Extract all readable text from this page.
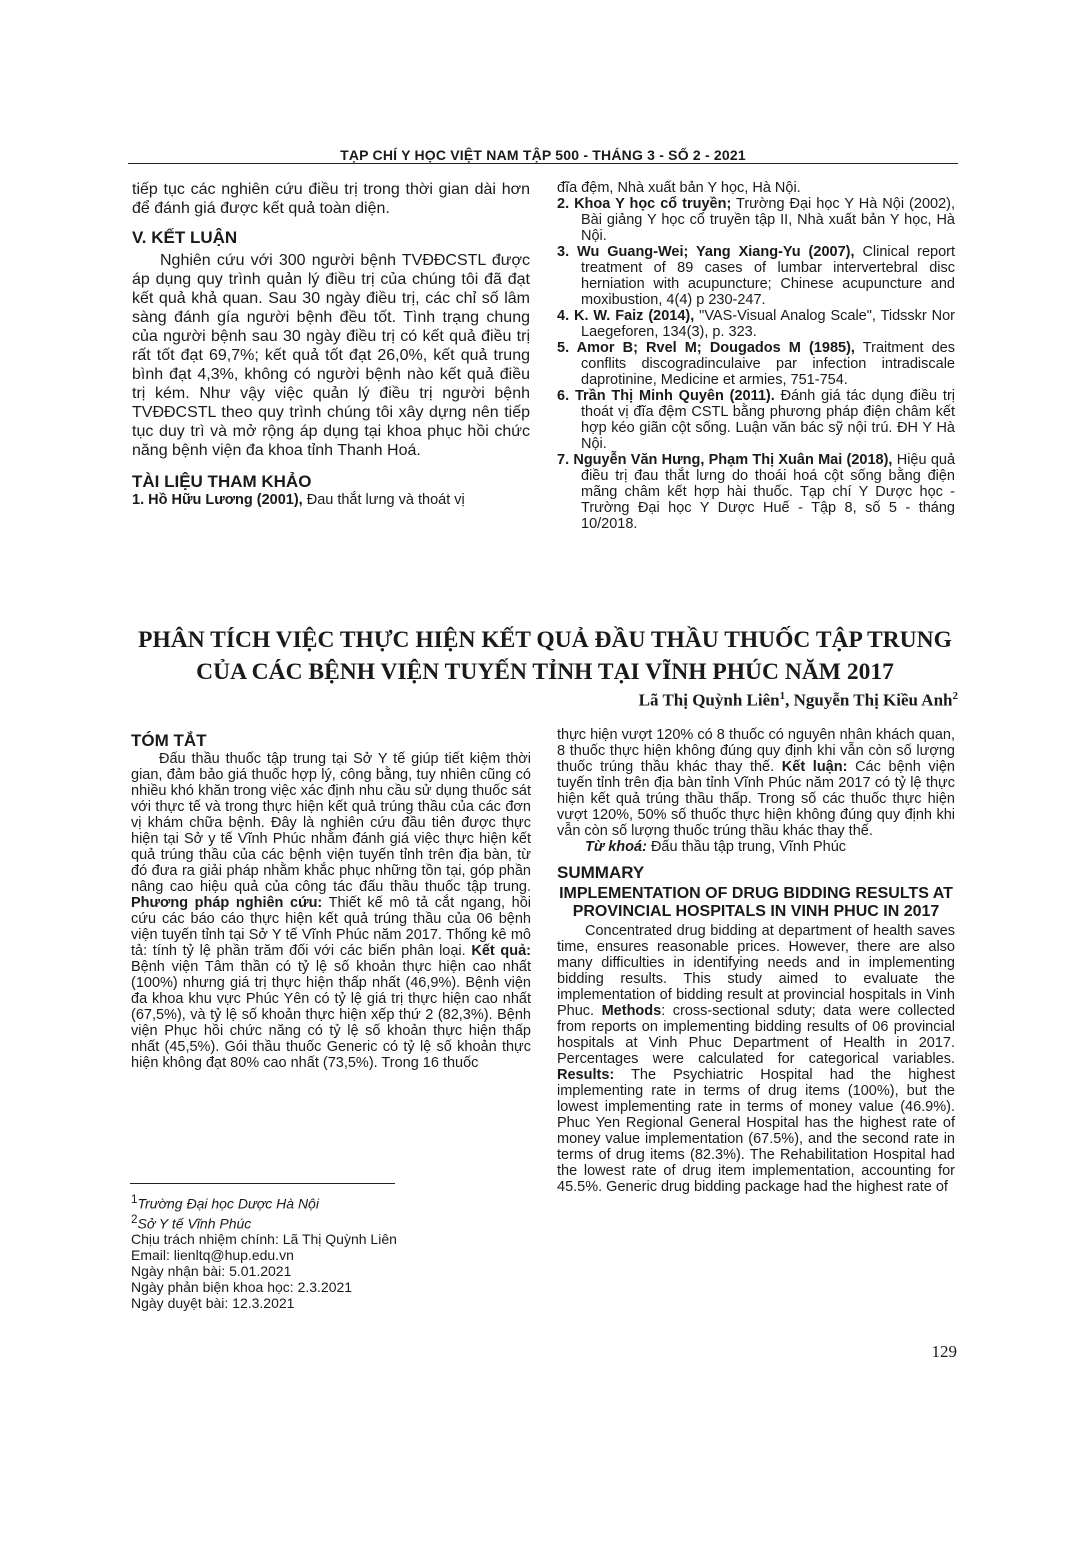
TẠP CHÍ Y HỌC VIỆT NAM TẬP 500 - THÁNG 3 - SỐ 2 - 2021

tiếp tục các nghiên cứu điều trị trong thời gian dài hơn để đánh giá được kết quả toàn diện.

V. KẾT LUẬN

Nghiên cứu với 300 người bệnh TVĐĐCSTL được áp dụng quy trình quản lý điều trị của chúng tôi đã đạt kết quả khả quan. Sau 30 ngày điều trị, các chỉ số lâm sàng đánh gía người bệnh đều tốt. Tình trạng chung của người bệnh sau 30 ngày điều trị có kết quả điều trị rất tốt đạt 69,7%; kết quả tốt đạt 26,0%, kết quả trung bình đạt 4,3%, không có người bệnh nào kết quả điều trị kém. Như vậy việc quản lý điều trị người bệnh TVĐĐCSTL theo quy trình chúng tôi xây dựng nên tiếp tục duy trì và mở rộng áp dụng tại khoa phục hồi chức năng bệnh viện đa khoa tỉnh Thanh Hoá.

TÀI LIỆU THAM KHẢO

1. Hồ Hữu Lương (2001), Đau thắt lưng và thoát vị

đĩa đệm, Nhà xuất bản Y học, Hà Nội.

2. Khoa Y học cổ truyền; Trường Đại học Y Hà Nội (2002), Bài giảng Y học cổ truyền tập II, Nhà xuất bản Y học, Hà Nội.

3. Wu Guang-Wei; Yang Xiang-Yu (2007), Clinical report treatment of 89 cases of lumbar intervertebral disc herniation with acupuncture; Chinese acupuncture and moxibustion, 4(4) p 230-247.

4. K. W. Faiz (2014), "VAS-Visual Analog Scale", Tidsskr Nor Laegeforen, 134(3), p. 323.

5. Amor B; Rvel M; Dougados M (1985), Traitment des conflits discogradinculaive par infection intradiscale daprotinine, Medicine et armies, 751-754.

6. Trần Thị Minh Quyên (2011). Đánh giá tác dụng điều trị thoát vị đĩa đệm CSTL bằng phương pháp điện châm kết hợp kéo giãn cột sống. Luận văn bác sỹ nội trú. ĐH Y Hà Nội.

7. Nguyễn Văn Hưng, Phạm Thị Xuân Mai (2018), Hiệu quả điều trị đau thắt lưng do thoái hoá cột sống bằng điện mãng châm kết hợp hài thuốc. Tạp chí Y Dược học - Trường Đại học Y Dược Huế - Tập 8, số 5 - tháng 10/2018.

PHÂN TÍCH VIỆC THỰC HIỆN KẾT QUẢ ĐẦU THẦU THUỐC TẬP TRUNG
CỦA CÁC BỆNH VIỆN TUYẾN TỈNH TẠI VĨNH PHÚC NĂM 2017
Lã Thị Quỳnh Liên$^1$, Nguyễn Thị Kiều Anh$^2$
TÓM TẮT

Đấu thầu thuốc tập trung tại Sở Y tế giúp tiết kiệm thời gian, đảm bảo giá thuốc hợp lý, công bằng, tuy nhiên cũng có nhiều khó khăn trong việc xác định nhu cầu sử dụng thuốc sát với thực tế và trong thực hiện kết quả trúng thầu của các đơn vị khám chữa bệnh. Đây là nghiên cứu đầu tiên được thực hiện tại Sở y tế Vĩnh Phúc nhằm đánh giá việc thực hiện kết quả trúng thầu của các bệnh viện tuyến tỉnh trên địa bàn, từ đó đưa ra giải pháp nhằm khắc phục những tồn tại, góp phần nâng cao hiệu quả của công tác đấu thầu thuốc tập trung. Phương pháp nghiên cứu: Thiết kế mô tả cắt ngang, hồi cứu các báo cáo thực hiện kết quả trúng thầu của 06 bệnh viện tuyến tỉnh tại Sở Y tế Vĩnh Phúc năm 2017. Thống kê mô tả: tính tỷ lệ phần trăm đối với các biến phân loại. Kết quả: Bệnh viện Tâm thần có tỷ lệ số khoản thực hiện cao nhất (100%) nhưng giá trị thực hiện thấp nhất (46,9%). Bệnh viện đa khoa khu vực Phúc Yên có tỷ lệ giá trị thực hiện cao nhất (67,5%), và tỷ lệ số khoản thực hiện xếp thứ 2 (82,3%). Bệnh viện Phục hồi chức năng có tỷ lệ số khoản thực hiện thấp nhất (45,5%). Gói thầu thuốc Generic có tỷ lệ số khoản thực hiện không đạt 80% cao nhất (73,5%). Trong 16 thuốc

thực hiện vượt 120% có 8 thuốc có nguyên nhân khách quan, 8 thuốc thực hiện không đúng quy định khi vẫn còn số lượng thuốc trúng thầu khác thay thế. Kết luận: Các bệnh viện tuyến tỉnh trên địa bàn tỉnh Vĩnh Phúc năm 2017 có tỷ lệ thực hiện kết quả trúng thầu thấp. Trong số các thuốc thực hiện vượt 120%, 50% số thuốc thực hiện không đúng quy định khi vẫn còn số lượng thuốc trúng thầu khác thay thế.

Từ khoá: Đấu thầu tập trung, Vĩnh Phúc

SUMMARY
IMPLEMENTATION OF DRUG BIDDING RESULTS AT PROVINCIAL HOSPITALS IN VINH PHUC IN 2017

Concentrated drug bidding at department of health saves time, ensures reasonable prices. However, there are also many difficulties in identifying needs and in implementing bidding results. This study aimed to evaluate the implementation of bidding result at provincial hospitals in Vinh Phuc. Methods: cross-sectional sduty; data were collected from reports on implementing bidding results of 06 provincial hospitals at Vinh Phuc Department of Health in 2017. Percentages were calculated for categorical variables. Results: The Psychiatric Hospital had the highest implementing rate in terms of drug items (100%), but the lowest implementing rate in terms of money value (46.9%). Phuc Yen Regional General Hospital has the highest rate of money value implementation (67.5%), and the second rate in terms of drug items (82.3%). The Rehabilitation Hospital had the lowest rate of drug item implementation, accounting for 45.5%. Generic drug bidding package had the highest rate of

$^1$Trường Đại học Dược Hà Nội

$^2$Sở Y tế Vĩnh Phúc

Chịu trách nhiệm chính: Lã Thị Quỳnh Liên

Email: lienltq@hup.edu.vn

Ngày nhận bài: 5.01.2021

Ngày phản biện khoa học: 2.3.2021

Ngày duyệt bài: 12.3.2021

129
